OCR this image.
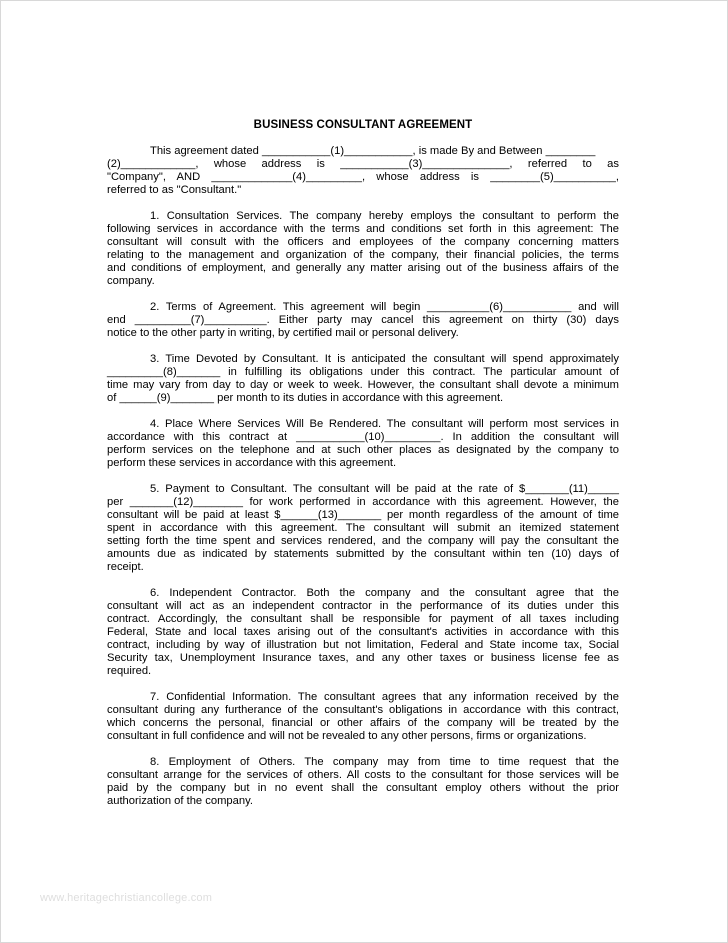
BUSINESS CONSULTANT AGREEMENT
This agreement dated ___________(1)___________, is made By and Between ________
(2)____________, whose address is ___________(3)______________, referred to as
"Company", AND _____________(4)_________, whose address is ________(5)__________,
referred to as "Consultant."
1. Consultation Services. The company hereby employs the consultant to perform the
following services in accordance with the terms and conditions set forth in this agreement: The
consultant will consult with the officers and employees of the company concerning matters
relating to the management and organization of the company, their financial policies, the terms
and conditions of employment, and generally any matter arising out of the business affairs of the
company.
2. Terms of Agreement. This agreement will begin __________(6)___________ and will
end _________(7)__________. Either party may cancel this agreement on thirty (30) days
notice to the other party in writing, by certified mail or personal delivery.
3. Time Devoted by Consultant. It is anticipated the consultant will spend approximately
_________(8)_______ in fulfilling its obligations under this contract. The particular amount of
time may vary from day to day or week to week. However, the consultant shall devote a minimum
of ______(9)_______ per month to its duties in accordance with this agreement.
4. Place Where Services Will Be Rendered. The consultant will perform most services in
accordance with this contract at ___________(10)_________. In addition the consultant will
perform services on the telephone and at such other places as designated by the company to
perform these services in accordance with this agreement.
5. Payment to Consultant. The consultant will be paid at the rate of $_______(11)_____
per _______(12)________ for work performed in accordance with this agreement. However, the
consultant will be paid at least $______(13)_______ per month regardless of the amount of time
spent in accordance with this agreement. The consultant will submit an itemized statement
setting forth the time spent and services rendered, and the company will pay the consultant the
amounts due as indicated by statements submitted by the consultant within ten (10) days of
receipt.
6. Independent Contractor. Both the company and the consultant agree that the
consultant will act as an independent contractor in the performance of its duties under this
contract. Accordingly, the consultant shall be responsible for payment of all taxes including
Federal, State and local taxes arising out of the consultant's activities in accordance with this
contract, including by way of illustration but not limitation, Federal and State income tax, Social
Security tax, Unemployment Insurance taxes, and any other taxes or business license fee as
required.
7. Confidential Information. The consultant agrees that any information received by the
consultant during any furtherance of the consultant's obligations in accordance with this contract,
which concerns the personal, financial or other affairs of the company will be treated by the
consultant in full confidence and will not be revealed to any other persons, firms or organizations.
8. Employment of Others. The company may from time to time request that the
consultant arrange for the services of others. All costs to the consultant for those services will be
paid by the company but in no event shall the consultant employ others without the prior
authorization of the company.
www.heritagechristiancollege.com
